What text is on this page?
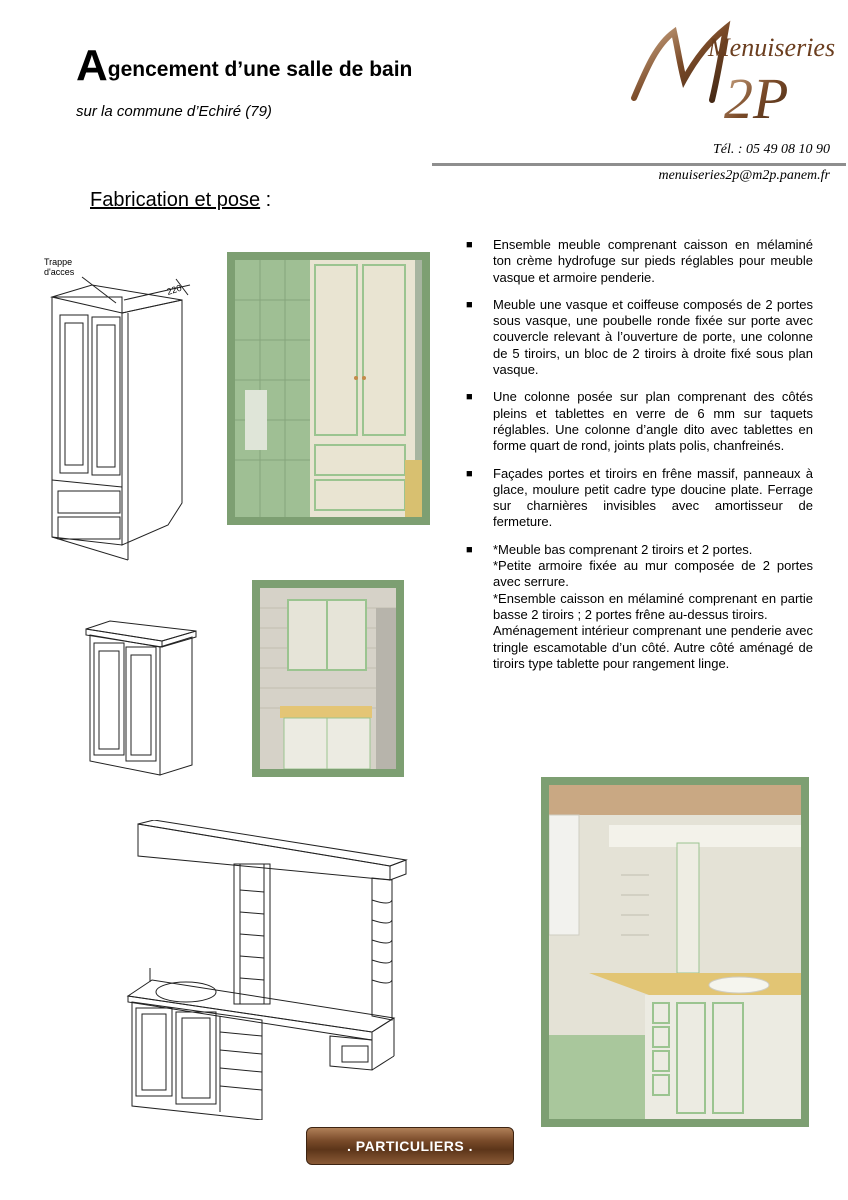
Agencement d’une salle de bain
sur la commune d’Echiré (79)	2P
Menuiseries
Tél. : 05 49 08 10 90
menuiseries2p@m2p.panem.fr
Fabrication et pose :
■ Ensemble meuble comprenant caisson en mélaminé ton crème hydrofuge sur pieds réglables pour meuble vasque et armoire penderie.

■ Meuble une vasque et coiffeuse composés de 2 portes sous vasque, une poubelle ronde fixée sur porte avec couvercle relevant à l’ouverture de porte, une colonne de 5 tiroirs, un bloc de 2 tiroirs à droite fixé sous plan vasque.

■ Une colonne posée sur plan comprenant des côtés pleins et tablettes en verre de 6 mm sur taquets réglables. Une colonne d’angle dito avec tablettes en forme quart de rond, joints plats polis, chanfreinés.

■ Façades portes et tiroirs en frêne massif, panneaux à glace, moulure petit cadre type doucine plate. Ferrage sur charnières invisibles avec amortisseur de fermeture.

■ *Meuble bas comprenant 2 tiroirs et 2 portes.

*Petite armoire fixée au mur composée de 2 portes avec serrure.

*Ensemble caisson en mélaminé comprenant en partie basse 2 tiroirs ; 2 portes frêne au-dessus tiroirs.

Aménagement intérieur comprenant une penderie avec tringle escamotable d’un côté. Autre côté aménagé de tiroirs type tablette pour rangement linge.

Trappe
d'acces
220
. PARTICULIERS .
